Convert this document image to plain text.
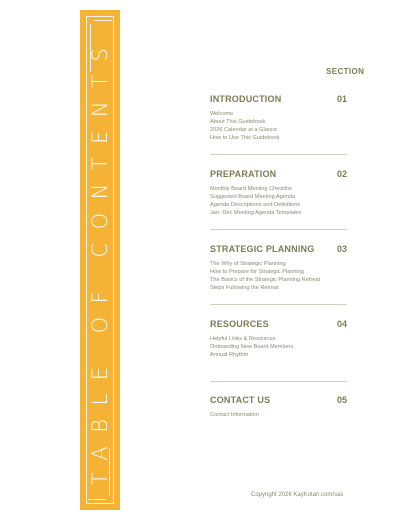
TABLE OF CONTENTS	SECTION
INTRODUCTION	01
Welcome
About This Guidebook
2026 Calendar at a Glance
How to Use This Guidebook
PREPARATION	02
Monthly Board Meeting Checklist
Suggested Board Meeting Agenda
Agenda Descriptions and Definitions
Jan- Dec Meeting Agenda Templates
STRATEGIC PLANNING	03
The Why of Strategic Planning
How to Prepare for Strategic Planning
The Basics of the Strategic Planning Retreat
Steps Following the Retreat
RESOURCES	04
Helpful Links & Resources
Onboarding New Board Members
Annual Rhythm
CONTACT US	05
Contact Information
Copyright 2026 KayKotan.com/sas
